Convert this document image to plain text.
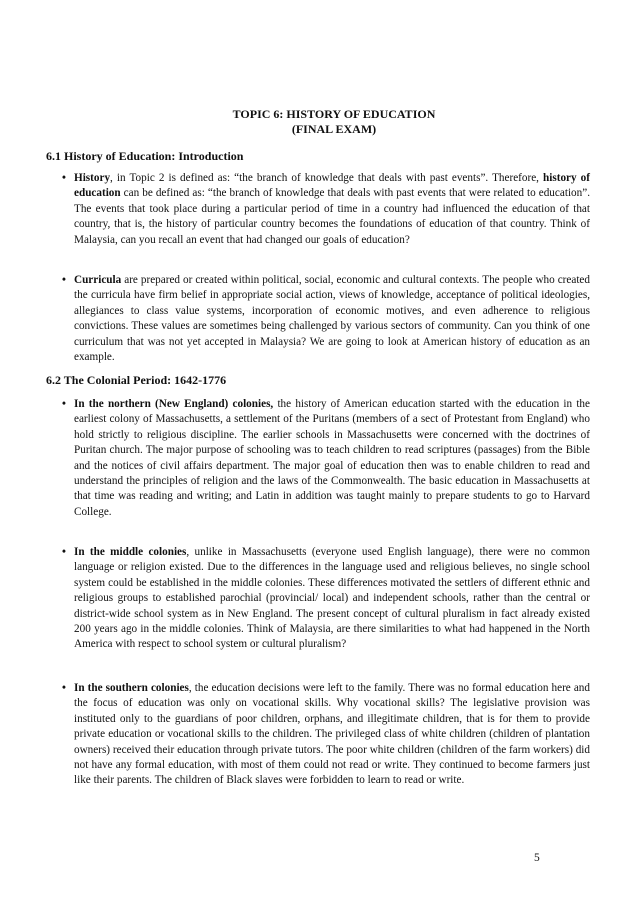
TOPIC 6: HISTORY OF EDUCATION
(FINAL EXAM)
6.1 History of Education: Introduction
• History, in Topic 2 is defined as: “the branch of knowledge that deals with past events”. Therefore, history of education can be defined as: “the branch of knowledge that deals with past events that were related to education”. The events that took place during a particular period of time in a country had influenced the education of that country, that is, the history of particular country becomes the foundations of education of that country. Think of Malaysia, can you recall an event that had changed our goals of education?
• Curricula are prepared or created within political, social, economic and cultural contexts. The people who created the curricula have firm belief in appropriate social action, views of knowledge, acceptance of political ideologies, allegiances to class value systems, incorporation of economic motives, and even adherence to religious convictions. These values are sometimes being challenged by various sectors of community. Can you think of one curriculum that was not yet accepted in Malaysia? We are going to look at American history of education as an example.
6.2 The Colonial Period: 1642-1776
• In the northern (New England) colonies, the history of American education started with the education in the earliest colony of Massachusetts, a settlement of the Puritans (members of a sect of Protestant from England) who hold strictly to religious discipline. The earlier schools in Massachusetts were concerned with the doctrines of Puritan church. The major purpose of schooling was to teach children to read scriptures (passages) from the Bible and the notices of civil affairs department. The major goal of education then was to enable children to read and understand the principles of religion and the laws of the Commonwealth. The basic education in Massachusetts at that time was reading and writing; and Latin in addition was taught mainly to prepare students to go to Harvard College.
• In the middle colonies, unlike in Massachusetts (everyone used English language), there were no common language or religion existed. Due to the differences in the language used and religious believes, no single school system could be established in the middle colonies. These differences motivated the settlers of different ethnic and religious groups to established parochial (provincial/ local) and independent schools, rather than the central or district-wide school system as in New England. The present concept of cultural pluralism in fact already existed 200 years ago in the middle colonies. Think of Malaysia, are there similarities to what had happened in the North America with respect to school system or cultural pluralism?
• In the southern colonies, the education decisions were left to the family. There was no formal education here and the focus of education was only on vocational skills. Why vocational skills? The legislative provision was instituted only to the guardians of poor children, orphans, and illegitimate children, that is for them to provide private education or vocational skills to the children. The privileged class of white children (children of plantation owners) received their education through private tutors. The poor white children (children of the farm workers) did not have any formal education, with most of them could not read or write. They continued to become farmers just like their parents. The children of Black slaves were forbidden to learn to read or write.
5
